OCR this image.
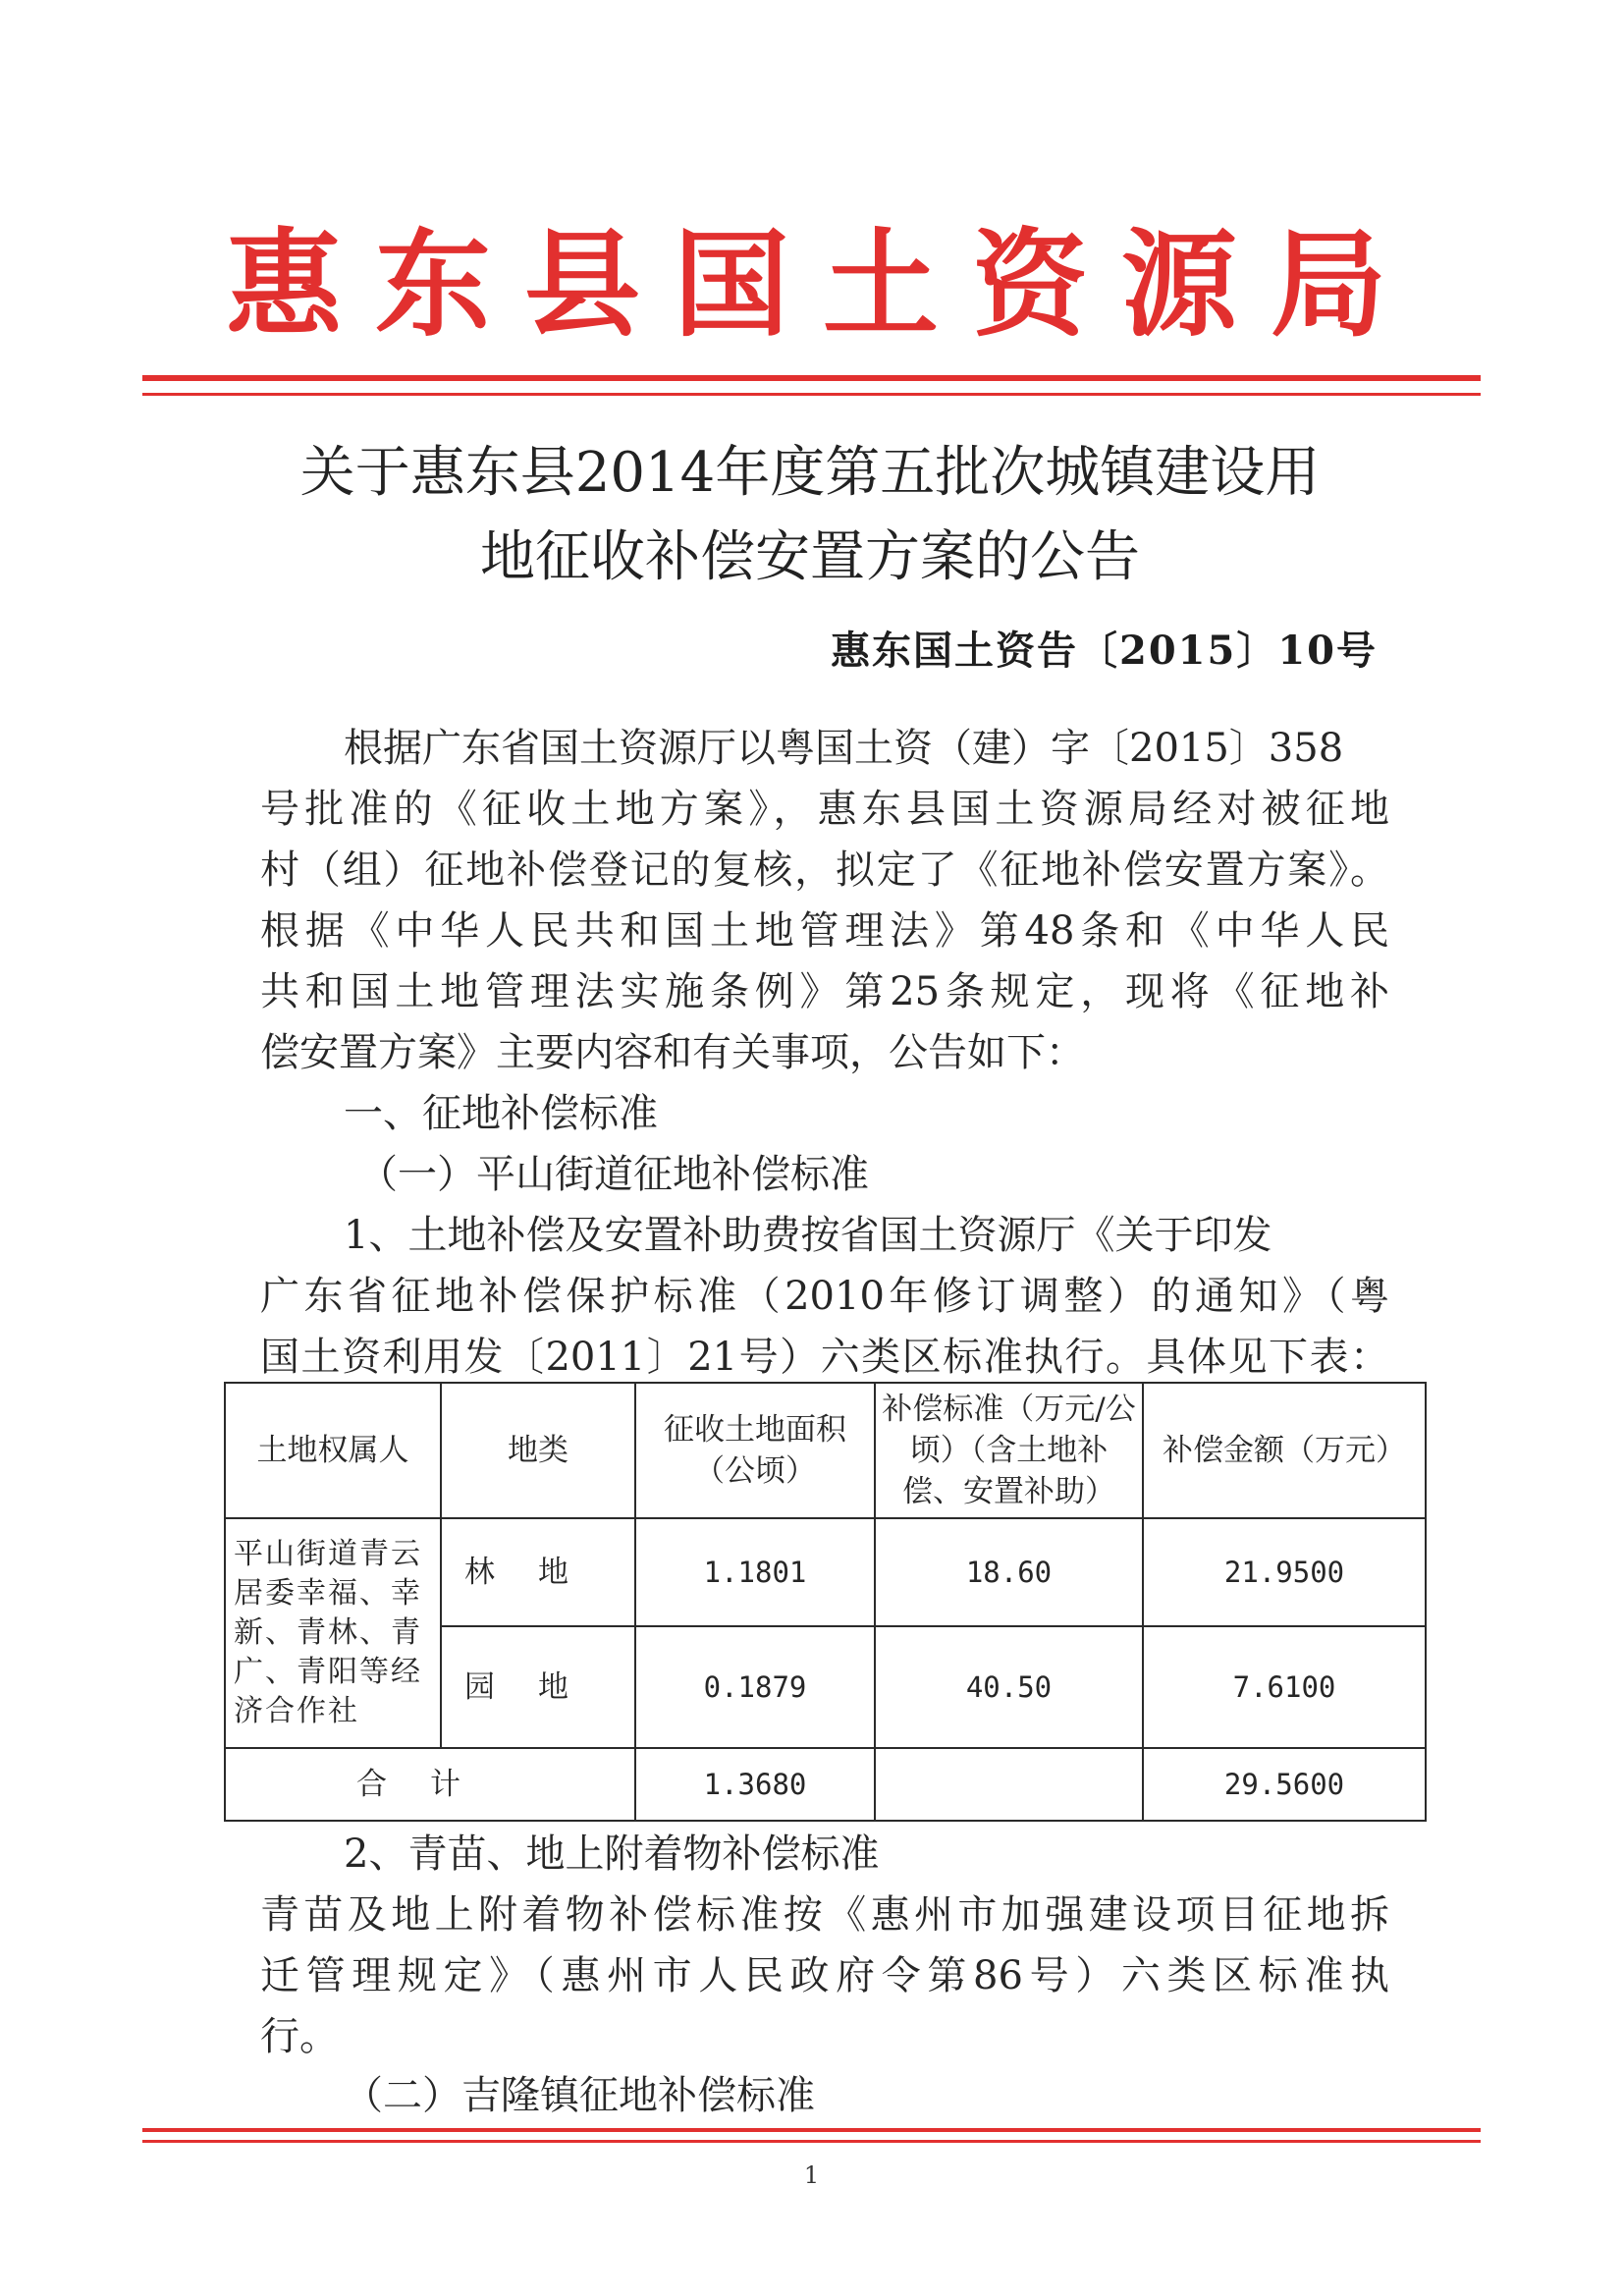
惠东县国土资源局
关于惠东县2014年度第五批次城镇建设用
地征收补偿安置方案的公告
惠东国土资告〔2015〕10号
根据广东省国土资源厅以粤国土资（建）字〔2015〕358
号批准的《征收土地方案》，惠东县国土资源局经对被征地
村（组）征地补偿登记的复核，拟定了《征地补偿安置方案》。
根据《中华人民共和国土地管理法》第48条和《中华人民
共和国土地管理法实施条例》第25条规定，现将《征地补
偿安置方案》主要内容和有关事项，公告如下：
一、征地补偿标准
（一）平山街道征地补偿标准
1、土地补偿及安置补助费按省国土资源厅《关于印发
广东省征地补偿保护标准（2010年修订调整）的通知》（粤
国土资利用发〔2011〕21号）六类区标准执行。具体见下表：
土地权属人	地类	征收土地面积（公顷）	补偿标准（万元/公顷）（含土地补偿、安置补助）	补偿金额（万元）
平山街道青云居委幸福、幸新、青林、青广、青阳等经济合作社	林地	1.1801	18.60	21.9500
	园地	0.1879	40.50	7.6100
合计		1.3680		29.5600
2、青苗、地上附着物补偿标准
青苗及地上附着物补偿标准按《惠州市加强建设项目征地拆
迁管理规定》（惠州市人民政府令第86号）六类区标准执
行。
（二）吉隆镇征地补偿标准
1
